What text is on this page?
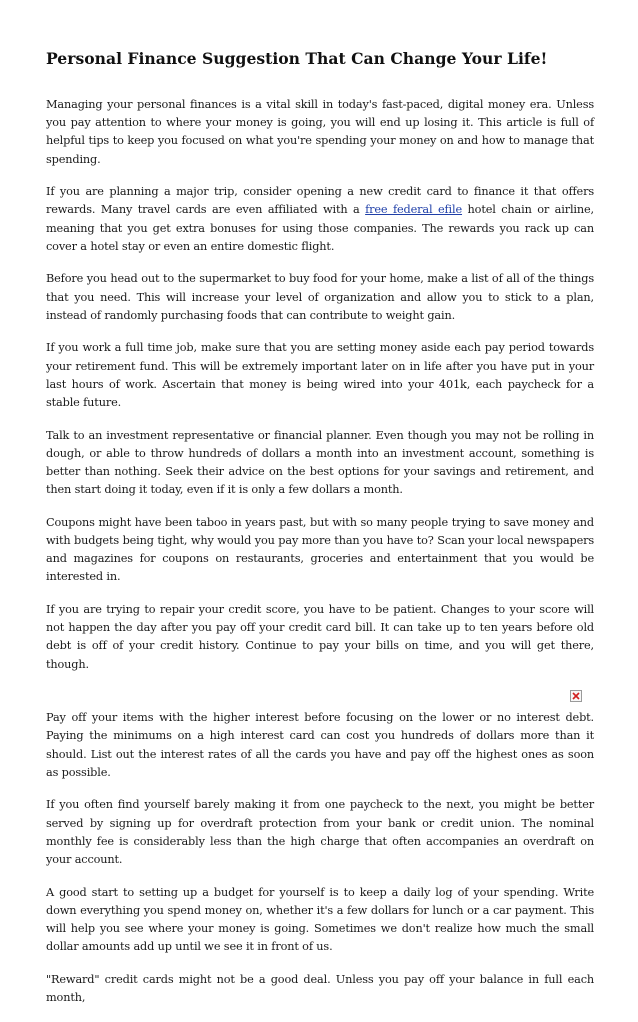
Personal Finance Suggestion That Can Change Your Life!

Managing your personal finances is a vital skill in today's fast-paced, digital money era. Unless you pay attention to where your money is going, you will end up losing it. This article is full of helpful tips to keep you focused on what you're spending your money on and how to manage that spending.

If you are planning a major trip, consider opening a new credit card to finance it that offers rewards. Many travel cards are even affiliated with a free federal efile hotel chain or airline, meaning that you get extra bonuses for using those companies. The rewards you rack up can cover a hotel stay or even an entire domestic flight.

Before you head out to the supermarket to buy food for your home, make a list of all of the things that you need. This will increase your level of organization and allow you to stick to a plan, instead of randomly purchasing foods that can contribute to weight gain.

If you work a full time job, make sure that you are setting money aside each pay period towards your retirement fund. This will be extremely important later on in life after you have put in your last hours of work. Ascertain that money is being wired into your 401k, each paycheck for a stable future.

Talk to an investment representative or financial planner. Even though you may not be rolling in dough, or able to throw hundreds of dollars a month into an investment account, something is better than nothing. Seek their advice on the best options for your savings and retirement, and then start doing it today, even if it is only a few dollars a month.

Coupons might have been taboo in years past, but with so many people trying to save money and with budgets being tight, why would you pay more than you have to? Scan your local newspapers and magazines for coupons on restaurants, groceries and entertainment that you would be interested in.

If you are trying to repair your credit score, you have to be patient. Changes to your score will not happen the day after you pay off your credit card bill. It can take up to ten years before old debt is off of your credit history. Continue to pay your bills on time, and you will get there, though.

Pay off your items with the higher interest before focusing on the lower or no interest debt. Paying the minimums on a high interest card can cost you hundreds of dollars more than it should. List out the interest rates of all the cards you have and pay off the highest ones as soon as possible.

If you often find yourself barely making it from one paycheck to the next, you might be better served by signing up for overdraft protection from your bank or credit union. The nominal monthly fee is considerably less than the high charge that often accompanies an overdraft on your account.

A good start to setting up a budget for yourself is to keep a daily log of your spending. Write down everything you spend money on, whether it's a few dollars for lunch or a car payment. This will help you see where your money is going. Sometimes we don't realize how much the small dollar amounts add up until we see it in front of us.

"Reward" credit cards might not be a good deal. Unless you pay off your balance in full each month,
